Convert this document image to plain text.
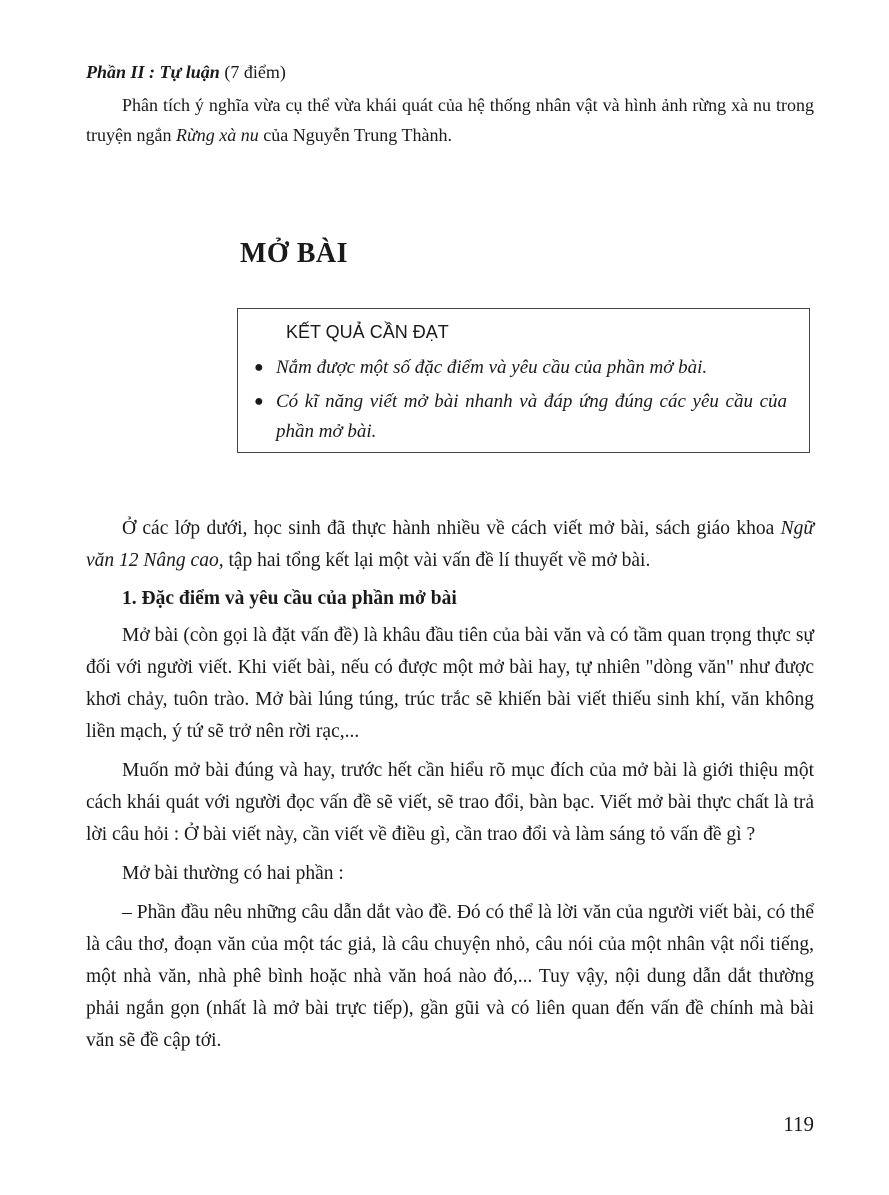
Phần II : Tự luận (7 điểm)

Phân tích ý nghĩa vừa cụ thể vừa khái quát của hệ thống nhân vật và hình ảnh rừng xà nu trong truyện ngắn Rừng xà nu của Nguyễn Trung Thành.

MỞ BÀI
KẾT QUẢ CẦN ĐẠT
● Nắm được một số đặc điểm và yêu cầu của phần mở bài.
● Có kĩ năng viết mở bài nhanh và đáp ứng đúng các yêu cầu của phần mở bài.

Ở các lớp dưới, học sinh đã thực hành nhiều về cách viết mở bài, sách giáo khoa Ngữ văn 12 Nâng cao, tập hai tổng kết lại một vài vấn đề lí thuyết về mở bài.

1. Đặc điểm và yêu cầu của phần mở bài

Mở bài (còn gọi là đặt vấn đề) là khâu đầu tiên của bài văn và có tầm quan trọng thực sự đối với người viết. Khi viết bài, nếu có được một mở bài hay, tự nhiên "dòng văn" như được khơi chảy, tuôn trào. Mở bài lúng túng, trúc trắc sẽ khiến bài viết thiếu sinh khí, văn không liền mạch, ý tứ sẽ trở nên rời rạc,...

Muốn mở bài đúng và hay, trước hết cần hiểu rõ mục đích của mở bài là giới thiệu một cách khái quát với người đọc vấn đề sẽ viết, sẽ trao đổi, bàn bạc. Viết mở bài thực chất là trả lời câu hỏi : Ở bài viết này, cần viết về điều gì, cần trao đổi và làm sáng tỏ vấn đề gì ?

Mở bài thường có hai phần :

– Phần đầu nêu những câu dẫn dắt vào đề. Đó có thể là lời văn của người viết bài, có thể là câu thơ, đoạn văn của một tác giả, là câu chuyện nhỏ, câu nói của một nhân vật nổi tiếng, một nhà văn, nhà phê bình hoặc nhà văn hoá nào đó,... Tuy vậy, nội dung dẫn dắt thường phải ngắn gọn (nhất là mở bài trực tiếp), gần gũi và có liên quan đến vấn đề chính mà bài văn sẽ đề cập tới.

119
